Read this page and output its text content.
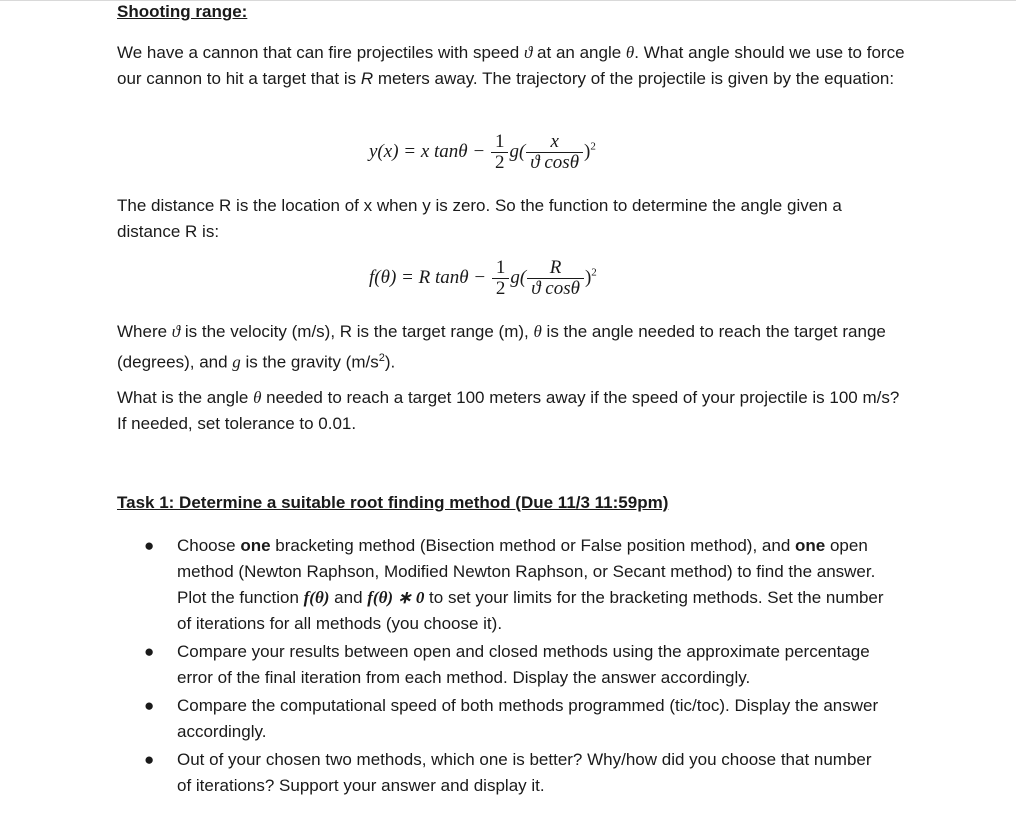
Shooting range:
We have a cannon that can fire projectiles with speed ϑ at an angle θ. What angle should we use to force our cannon to hit a target that is R meters away. The trajectory of the projectile is given by the equation:
y(x) = x $\tan\theta - \frac{1}{2} g( \frac{x}{\text{ϑ cosθ}} )^2$
The distance R is the location of x when y is zero. So the function to determine the angle given a distance R is:
f(θ) = R $\tan\theta - \frac{1}{2} g( \frac{R}{\text{ϑ cosθ}} )^2$
Where ϑ is the velocity (m/s), R is the target range (m), θ is the angle needed to reach the target range (degrees), and g is the gravity $(m/s^2)$.
What is the angle θ needed to reach a target 100 meters away if the speed of your projectile is 100 m/s? If needed, set tolerance to 0.01.
Task 1: Determine a suitable root finding method (Due 11/3 11:59pm)
● Choose one bracketing method (Bisection method or False position method), and one open method (Newton Raphson, Modified Newton Raphson, or Secant method) to find the answer. Plot the function f(θ) and f(θ) ∗ 0 to set your limits for the bracketing methods. Set the number of iterations for all methods (you choose it).
● Compare your results between open and closed methods using the approximate percentage error of the final iteration from each method. Display the answer accordingly.
● Compare the computational speed of both methods programmed (tic/toc). Display the answer accordingly.
● Out of your chosen two methods, which one is better? Why/how did you choose that number of iterations? Support your answer and display it.
